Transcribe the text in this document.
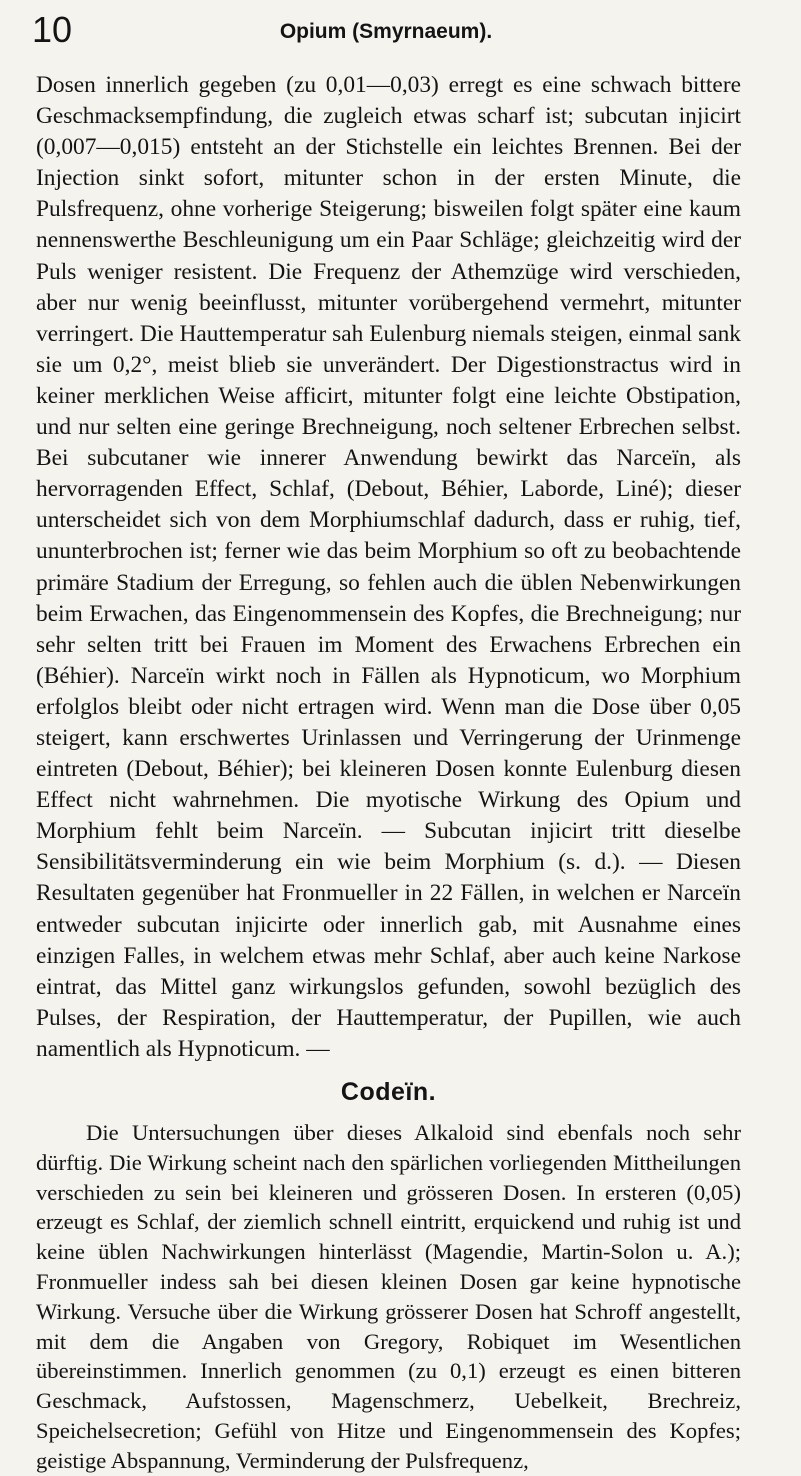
10	Opium (Smyrnaeum).

Dosen innerlich gegeben (zu 0,01—0,03) erregt es eine schwach bittere Geschmacksempfindung, die zugleich etwas scharf ist; subcutan injicirt (0,007—0,015) entsteht an der Stichstelle ein leichtes Brennen. Bei der Injection sinkt sofort, mitunter schon in der ersten Minute, die Pulsfrequenz, ohne vorherige Steigerung; bisweilen folgt später eine kaum nennenswerthe Beschleunigung um ein Paar Schläge; gleichzeitig wird der Puls weniger resistent. Die Frequenz der Athemzüge wird verschieden, aber nur wenig beeinflusst, mitunter vorübergehend vermehrt, mitunter verringert. Die Hauttemperatur sah Eulenburg niemals steigen, einmal sank sie um 0,2°, meist blieb sie unverändert. Der Digestionstractus wird in keiner merklichen Weise afficirt, mitunter folgt eine leichte Obstipation, und nur selten eine geringe Brechneigung, noch seltener Erbrechen selbst. Bei subcutaner wie innerer Anwendung bewirkt das Narceïn, als hervorragenden Effect, Schlaf, (Debout, Béhier, Laborde, Liné); dieser unterscheidet sich von dem Morphiumschlaf dadurch, dass er ruhig, tief, ununterbrochen ist; ferner wie das beim Morphium so oft zu beobachtende primäre Stadium der Erregung, so fehlen auch die üblen Nebenwirkungen beim Erwachen, das Eingenommensein des Kopfes, die Brechneigung; nur sehr selten tritt bei Frauen im Moment des Erwachens Erbrechen ein (Béhier). Narceïn wirkt noch in Fällen als Hypnoticum, wo Morphium erfolglos bleibt oder nicht ertragen wird. Wenn man die Dose über 0,05 steigert, kann erschwertes Urinlassen und Verringerung der Urinmenge eintreten (Debout, Béhier); bei kleineren Dosen konnte Eulenburg diesen Effect nicht wahrnehmen. Die myotische Wirkung des Opium und Morphium fehlt beim Narceïn. — Subcutan injicirt tritt dieselbe Sensibilitätsverminderung ein wie beim Morphium (s. d.). — Diesen Resultaten gegenüber hat Fronmueller in 22 Fällen, in welchen er Narceïn entweder subcutan injicirte oder innerlich gab, mit Ausnahme eines einzigen Falles, in welchem etwas mehr Schlaf, aber auch keine Narkose eintrat, das Mittel ganz wirkungslos gefunden, sowohl bezüglich des Pulses, der Respiration, der Hauttemperatur, der Pupillen, wie auch namentlich als Hypnoticum. —

Codeïn.

Die Untersuchungen über dieses Alkaloid sind ebenfals noch sehr dürftig. Die Wirkung scheint nach den spärlichen vorliegenden Mittheilungen verschieden zu sein bei kleineren und grösseren Dosen. In ersteren (0,05) erzeugt es Schlaf, der ziemlich schnell eintritt, erquickend und ruhig ist und keine üblen Nachwirkungen hinterlässt (Magendie, Martin-Solon u. A.); Fronmueller indess sah bei diesen kleinen Dosen gar keine hypnotische Wirkung. Versuche über die Wirkung grösserer Dosen hat Schroff angestellt, mit dem die Angaben von Gregory, Robiquet im Wesentlichen übereinstimmen. Innerlich genommen (zu 0,1) erzeugt es einen bitteren Geschmack, Aufstossen, Magenschmerz, Uebelkeit, Brechreiz, Speichelsecretion; Gefühl von Hitze und Eingenommensein des Kopfes; geistige Abspannung, Verminderung der Pulsfrequenz,
